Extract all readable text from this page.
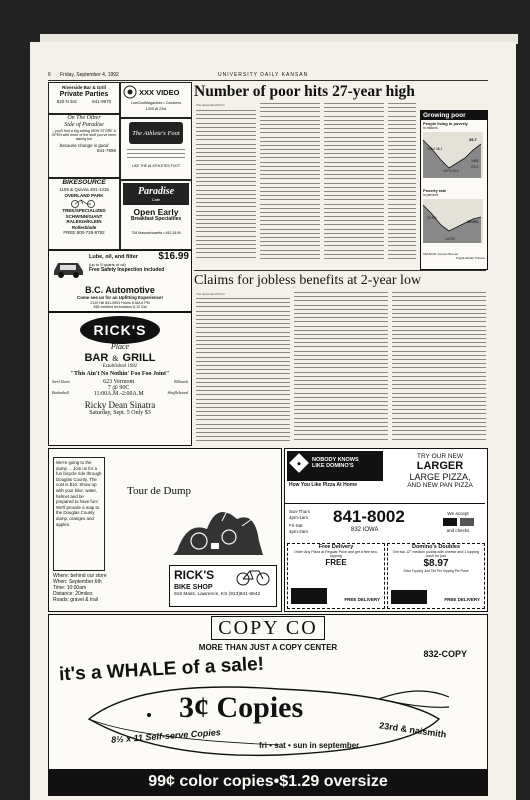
6 Friday, September 4, 1992	UNIVERSITY DAILY KANSAN
Riverside Bar & Grill
Private Parties
520 N 3rd	841-9670
On The Other
Side of Paradise
...you'll find a big selling NEW STORE & OPEN with more of the stuff you've been asking for!
because change is good
841-7896
BIKESOURCE
1109 & Quivira 491-1315
OVERLAND PARK
TREK/SPECIALIZED
SCHWINN/GIANT
RALEIGH/KLEIN
Rollerblade
FREE 800-728-8792
XXX VIDEO
LowCostMagazines • Condoms
1405 W 23rd
The Athlete's Foot
LIKE THE #1 ATHLETES FOOT
Paradise
Cafe
Open Early
Breakfast Specialties
728 Massachusetts • 842-5199
Lube, oil, and filter $16.99
(up to 5 quarts of oil)
Free Safety Inspection included
B.C. Automotive
Come see us for an Upfitting Experience!
2110 Hill 841-9551 Hours 8 AM-6 PM
458 certified technicians 6-12 Sat
RICK'S
Place
BAR & GRILL
Established 1992
"This Ain't No Nothin' Foo Foo Joint"
Steel Darts
Basketball
623 Vermont
7 @ 90C
11:00A.M.-2:00A.M
Billiards
Shuffleboard
Ricky Dean Sinatra
Saturday, Sept. 5 Only $3
Number of poor hits 27-year high
The Associated Press
Growing poor
People living in poverty
in millions
1964 36.1
1973 23.0
35.7
1991
23.3
Poverty rate
in percent
22.0%
19.0%
14.2%
SOURCE: Census Bureau
Knight-Ridder Tribune
Claims for jobless benefits at 2-year low
The Associated Press
We're going to the dump ... Join us for a fun bicycle ride through Douglas County. The cost is $10. Show up with your bike, water, helmet and be prepared to have fun! We'll provide a map to the Douglas County dump, oranges and apples.
Where: behind our store
When: September 6th
Time: 10:00am
Distance: 20miles
Roads: gravel & trail
Tour de Dump
RICK'S
BIKE SHOP
916 Mass, Lawrence, KS (913)841-6642
NOBODY KNOWS
LIKE DOMINO'S
How You Like Pizza At Home
TRY OUR NEW
LARGER
LARGE PIZZA,
AND NEW PAN PIZZA
Sun-Thurs
4pm-1am
Fri-Sat
4pm-2am
841-8002
832 IOWA
We accept
and checks
Free Delivery
Order Any Pizza at Regular Price and get a free two-topping
FREE
FREE DELIVERY
Domino's Doubles
Get two 12" medium pizzas with cheese and 1 topping each for just
$8.97
Extra Topping Just 75¢ Per Topping Per Pizza
FREE DELIVERY
COPY CO
MORE THAN JUST A COPY CENTER
832-COPY
it's a WHALE of a sale!
3¢ Copies
8½ x 11 Self-serve Copies
fri • sat • sun in september
23rd & naismith
99¢ color copies•$1.29 oversize
